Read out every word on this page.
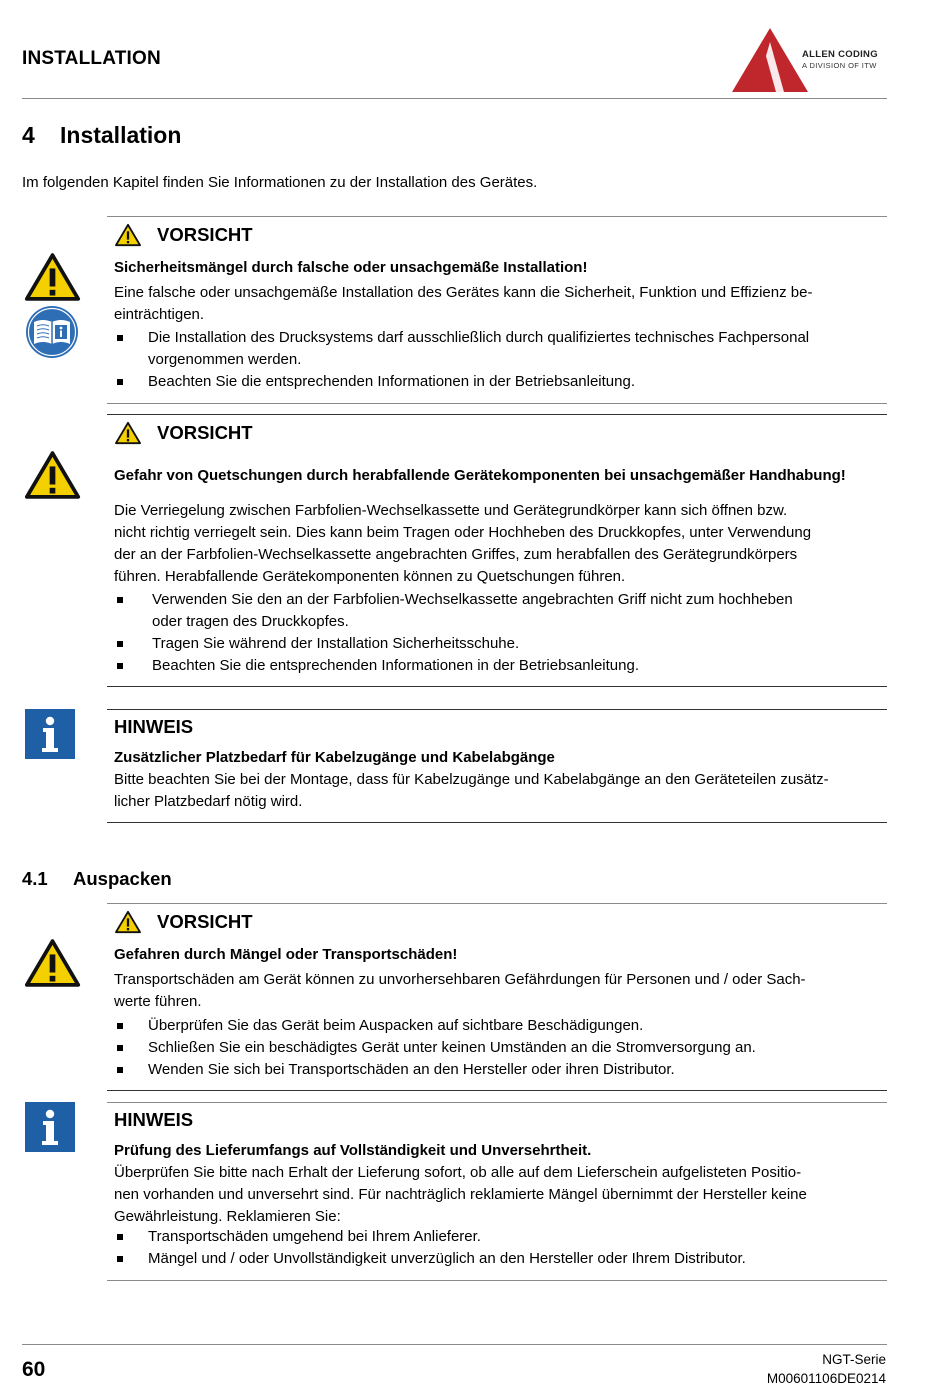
INSTALLATION	ALLEN CODING
A DIVISION OF ITW
4 Installation
Im folgenden Kapitel finden Sie Informationen zu der Installation des Gerätes.
VORSICHT
Sicherheitsmängel durch falsche oder unsachgemäße Installation!
Eine falsche oder unsachgemäße Installation des Gerätes kann die Sicherheit, Funktion und Effizienz be-
einträchtigen.
Die Installation des Drucksystems darf ausschließlich durch qualifiziertes technisches Fachpersonal
vorgenommen werden.
Beachten Sie die entsprechenden Informationen in der Betriebsanleitung.
VORSICHT
Gefahr von Quetschungen durch herabfallende Gerätekomponenten bei unsachgemäßer Handhabung!
Die Verriegelung zwischen Farbfolien-Wechselkassette und Gerätegrundkörper kann sich öffnen bzw.
nicht richtig verriegelt sein. Dies kann beim Tragen oder Hochheben des Druckkopfes, unter Verwendung
der an der Farbfolien-Wechselkassette angebrachten Griffes, zum herabfallen des Gerätegrundkörpers
führen. Herabfallende Gerätekomponenten können zu Quetschungen führen.
Verwenden Sie den an der Farbfolien-Wechselkassette angebrachten Griff nicht zum hochheben
oder tragen des Druckkopfes.
Tragen Sie während der Installation Sicherheitsschuhe.
Beachten Sie die entsprechenden Informationen in der Betriebsanleitung.
HINWEIS
Zusätzlicher Platzbedarf für Kabelzugänge und Kabelabgänge
Bitte beachten Sie bei der Montage, dass für Kabelzugänge und Kabelabgänge an den Geräteteilen zusätz-
licher Platzbedarf nötig wird.
4.1 Auspacken
VORSICHT
Gefahren durch Mängel oder Transportschäden!
Transportschäden am Gerät können zu unvorhersehbaren Gefährdungen für Personen und / oder Sach-
werte führen.
Überprüfen Sie das Gerät beim Auspacken auf sichtbare Beschädigungen.
Schließen Sie ein beschädigtes Gerät unter keinen Umständen an die Stromversorgung an.
Wenden Sie sich bei Transportschäden an den Hersteller oder ihren Distributor.
HINWEIS
Prüfung des Lieferumfangs auf Vollständigkeit und Unversehrtheit.
Überprüfen Sie bitte nach Erhalt der Lieferung sofort, ob alle auf dem Lieferschein aufgelisteten Positio-
nen vorhanden und unversehrt sind. Für nachträglich reklamierte Mängel übernimmt der Hersteller keine
Gewährleistung. Reklamieren Sie:
Transportschäden umgehend bei Ihrem Anlieferer.
Mängel und / oder Unvollständigkeit unverzüglich an den Hersteller oder Ihrem Distributor.
60	NGT-Serie
M00601106DE0214
